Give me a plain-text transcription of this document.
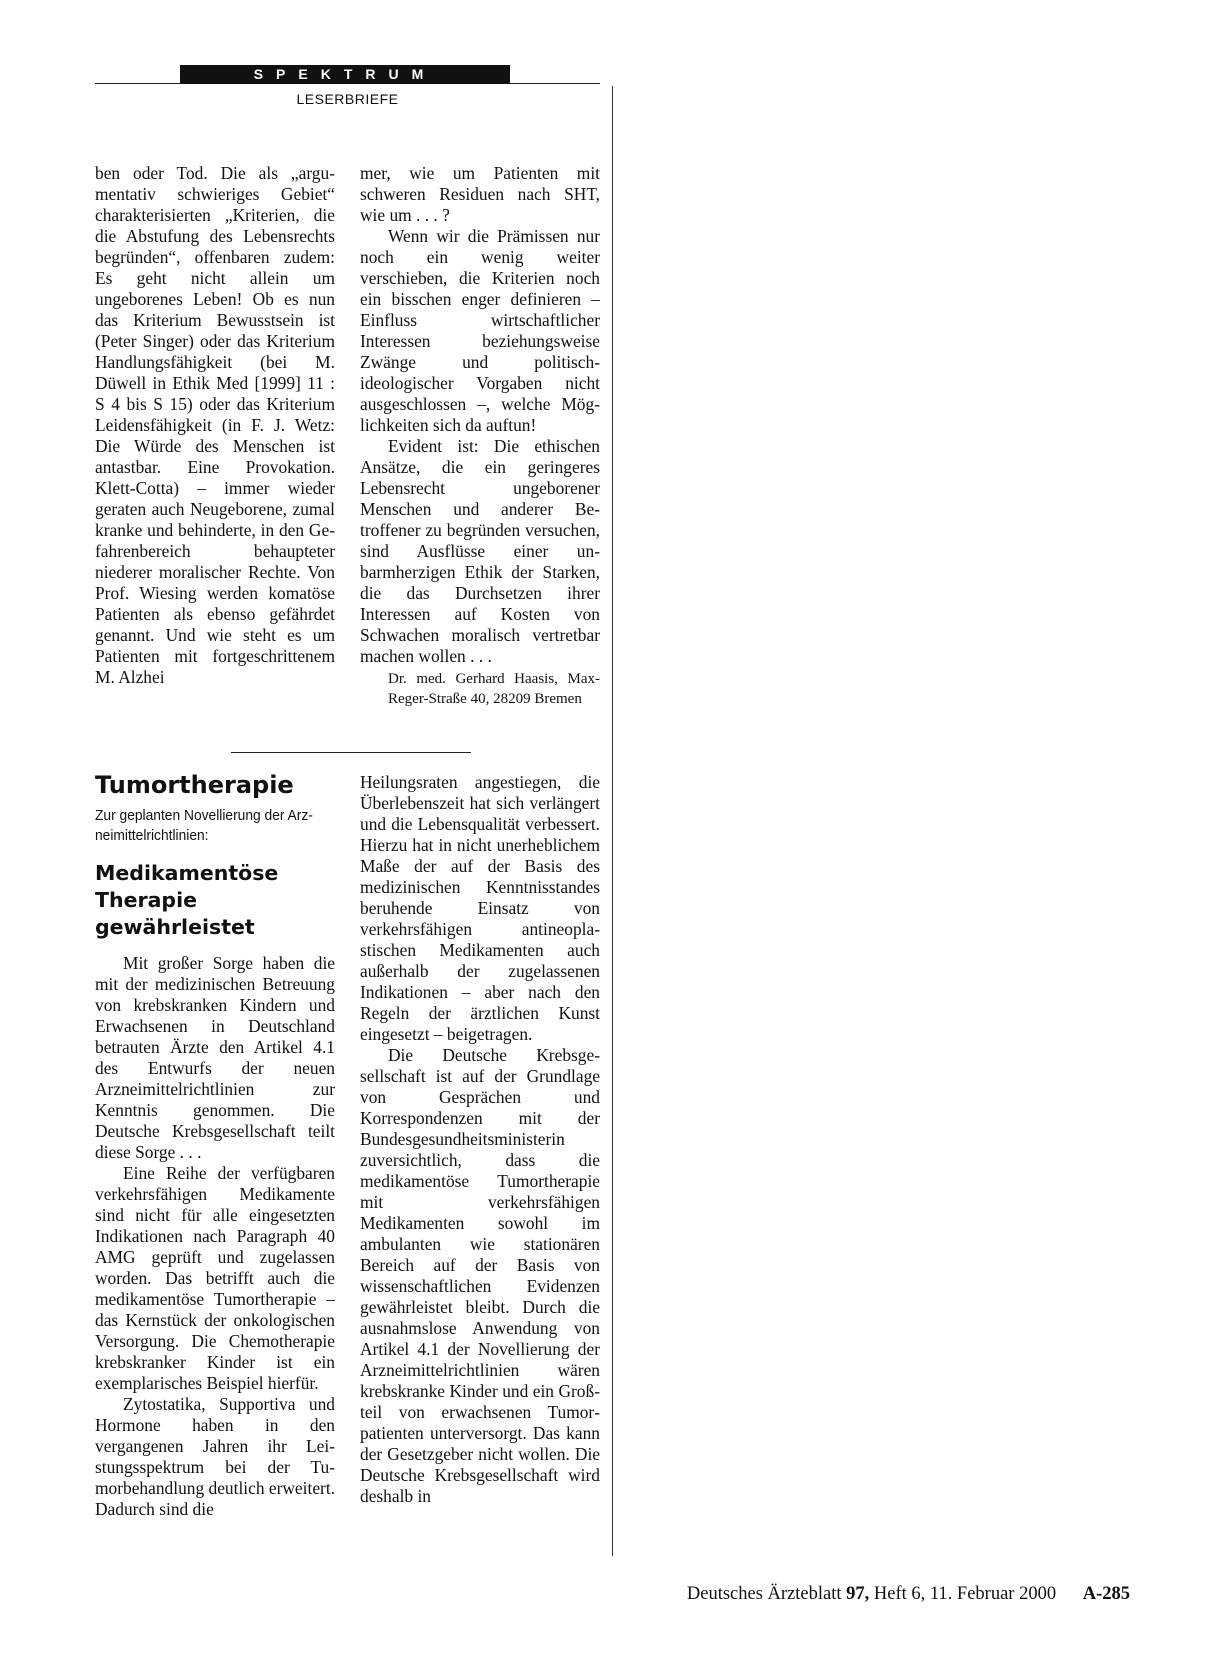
SPEKTRUM
LESERBRIEFE

ben oder Tod. Die als „argumentativ schwieriges Gebiet“ charakterisierten „Kriterien, die die Abstufung des Lebensrechts begründen“, offenbaren zudem: Es geht nicht allein um ungeborenes Leben! Ob es nun das Kriterium Bewusstsein ist (Peter Singer) oder das Kriterium Handlungsfähigkeit (bei M. Düwell in Ethik Med [1999] 11 : S 4 bis S 15) oder das Kriterium Leidensfähigkeit (in F. J. Wetz: Die Würde des Menschen ist antastbar. Eine Provokation. Klett-Cotta) – immer wieder geraten auch Neugeborene, zumal kranke und behinderte, in den Gefahrenbereich behaupteter niederer moralischer Rechte. Von Prof. Wiesing werden komatöse Patienten als ebenso gefährdet genannt. Und wie steht es um Patienten mit fortgeschrittenem M. Alzhei

mer, wie um Patienten mit schweren Residuen nach SHT, wie um . . . ?

Wenn wir die Prämissen nur noch ein wenig weiter verschieben, die Kriterien noch ein bisschen enger definieren – Einfluss wirtschaftlicher Interessen beziehungsweise Zwänge und politisch-ideologischer Vorgaben nicht ausgeschlossen –, welche Möglichkeiten sich da auftun!

Evident ist: Die ethischen Ansätze, die ein geringeres Lebensrecht ungeborener Menschen und anderer Betroffener zu begründen versuchen, sind Ausflüsse einer unbarmherzigen Ethik der Starken, die das Durchsetzen ihrer Interessen auf Kosten von Schwachen moralisch vertretbar machen wollen . . .

Dr. med. Gerhard Haasis, Max-Reger-Straße 40, 28209 Bremen
Tumortherapie
Zur geplanten Novellierung der Arzneimittelrichtlinien:
Medikamentöse Therapie gewährleistet

Mit großer Sorge haben die mit der medizinischen Betreuung von krebskranken Kindern und Erwachsenen in Deutschland betrauten Ärzte den Artikel 4.1 des Entwurfs der neuen Arzneimittelrichtlinien zur Kenntnis genommen. Die Deutsche Krebsgesellschaft teilt diese Sorge . . .

Eine Reihe der verfügbaren verkehrsfähigen Medikamente sind nicht für alle eingesetzten Indikationen nach Paragraph 40 AMG geprüft und zugelassen worden. Das betrifft auch die medikamentöse Tumortherapie – das Kernstück der onkologischen Versorgung. Die Chemotherapie krebskranker Kinder ist ein exemplarisches Beispiel hierfür.

Zytostatika, Supportiva und Hormone haben in den vergangenen Jahren ihr Leistungsspektrum bei der Tumorbehandlung deutlich erweitert. Dadurch sind die

Heilungsraten angestiegen, die Überlebenszeit hat sich verlängert und die Lebensqualität verbessert. Hierzu hat in nicht unerheblichem Maße der auf der Basis des medizinischen Kenntnisstandes beruhende Einsatz von verkehrsfähigen antineoplastischen Medikamenten auch außerhalb der zugelassenen Indikationen – aber nach den Regeln der ärztlichen Kunst eingesetzt – beigetragen.

Die Deutsche Krebsgesellschaft ist auf der Grundlage von Gesprächen und Korrespondenzen mit der Bundesgesundheitsministerin zuversichtlich, dass die medikamentöse Tumortherapie mit verkehrsfähigen Medikamenten sowohl im ambulanten wie stationären Bereich auf der Basis von wissenschaftlichen Evidenzen gewährleistet bleibt. Durch die ausnahmslose Anwendung von Artikel 4.1 der Novellierung der Arzneimittelrichtlinien wären krebskranke Kinder und ein Großteil von erwachsenen Tumorpatienten unterversorgt. Das kann der Gesetzgeber nicht wollen. Die Deutsche Krebsgesellschaft wird deshalb in

Deutsches Ärzteblatt 97, Heft 6, 11. Februar 2000 A-285
